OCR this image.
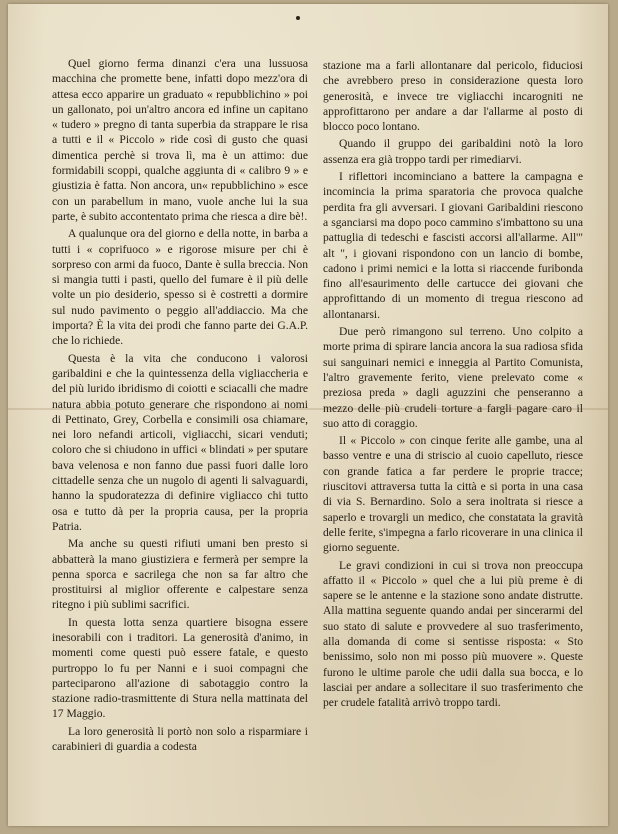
Quel giorno ferma dinanzi c'era una lussuosa macchina che promette bene, infatti dopo mezz'ora di attesa ecco apparire un graduato « repubblichino » poi un gallonato, poi un'altro ancora ed infine un capitano « tudero » pregno di tanta superbia da strappare le risa a tutti e il « Piccolo » ride così di gusto che quasi dimentica perchè si trova lì, ma è un attimo: due formidabili scoppi, qualche aggiunta di « calibro 9 » e giustizia è fatta. Non ancora, un« repubblichino » esce con un parabellum in mano, vuole anche lui la sua parte, è subito accontentato prima che riesca a dire bè!.

A qualunque ora del giorno e della notte, in barba a tutti i « coprifuoco » e rigorose misure per chi è sorpreso con armi da fuoco, Dante è sulla breccia. Non si mangia tutti i pasti, quello del fumare è il più delle volte un pio desiderio, spesso si è costretti a dormire sul nudo pavimento o peggio all'addiaccio. Ma che importa? È la vita dei prodi che fanno parte dei G.A.P. che lo richiede.

Questa è la vita che conducono i valorosi garibaldini e che la quintessenza della vigliaccheria e del più lurido ibridismo di coiotti e sciacalli che madre natura abbia potuto generare che rispondono ai nomi di Pettinato, Grey, Corbella e consimili osa chiamare, nei loro nefandi articoli, vigliacchi, sicari venduti; coloro che si chiudono in uffici « blindati » per sputare bava velenosa e non fanno due passi fuori dalle loro cittadelle senza che un nugolo di agenti li salvaguardi, hanno la spudoratezza di definire vigliacco chi tutto osa e tutto dà per la propria causa, per la propria Patria.

Ma anche su questi rifiuti umani ben presto si abbatterà la mano giustiziera e fermerà per sempre la penna sporca e sacrilega che non sa far altro che prostituirsi al miglior offerente e calpestare senza ritegno i più sublimi sacrifici.

In questa lotta senza quartiere bisogna essere inesorabili con i traditori. La generosità d'animo, in momenti come questi può essere fatale, e questo purtroppo lo fu per Nanni e i suoi compagni che parteciparono all'azione di sabotaggio contro la stazione radio-trasmittente di Stura nella mattinata del 17 Maggio.

La loro generosità li portò non solo a risparmiare i carabinieri di guardia a codesta

stazione ma a farli allontanare dal pericolo, fiduciosi che avrebbero preso in considerazione questa loro generosità, e invece tre vigliacchi incarogniti ne approfittarono per andare a dar l'allarme al posto di blocco poco lontano.

Quando il gruppo dei garibaldini notò la loro assenza era già troppo tardi per rimediarvi.

I riflettori incominciano a battere la campagna e incomincia la prima sparatoria che provoca qualche perdita fra gli avversari. I giovani Garibaldini riescono a sganciarsi ma dopo poco cammino s'imbattono su una pattuglia di tedeschi e fascisti accorsi all'allarme. All'" alt ", i giovani rispondono con un lancio di bombe, cadono i primi nemici e la lotta si riaccende furibonda fino all'esaurimento delle cartucce dei giovani che approfittando di un momento di tregua riescono ad allontanarsi.

Due però rimangono sul terreno. Uno colpito a morte prima di spirare lancia ancora la sua radiosa sfida sui sanguinari nemici e inneggia al Partito Comunista, l'altro gravemente ferito, viene prelevato come « preziosa preda » dagli aguzzini che penseranno a mezzo delle più crudeli torture a fargli pagare caro il suo atto di coraggio.

Il « Piccolo » con cinque ferite alle gambe, una al basso ventre e una di striscio al cuoio capelluto, riesce con grande fatica a far perdere le proprie tracce; riuscitovi attraversa tutta la città e si porta in una casa di via S. Bernardino. Solo a sera inoltrata si riesce a saperlo e trovargli un medico, che constatata la gravità delle ferite, s'impegna a farlo ricoverare in una clinica il giorno seguente.

Le gravi condizioni in cui si trova non preoccupa affatto il « Piccolo » quel che a lui più preme è di sapere se le antenne e la stazione sono andate distrutte. Alla mattina seguente quando andai per sincerarmi del suo stato di salute e provvedere al suo trasferimento, alla domanda di come si sentisse risposta: « Sto benissimo, solo non mi posso più muovere ». Queste furono le ultime parole che udii dalla sua bocca, e lo lasciai per andare a sollecitare il suo trasferimento che per crudele fatalità arrivò troppo tardi.
